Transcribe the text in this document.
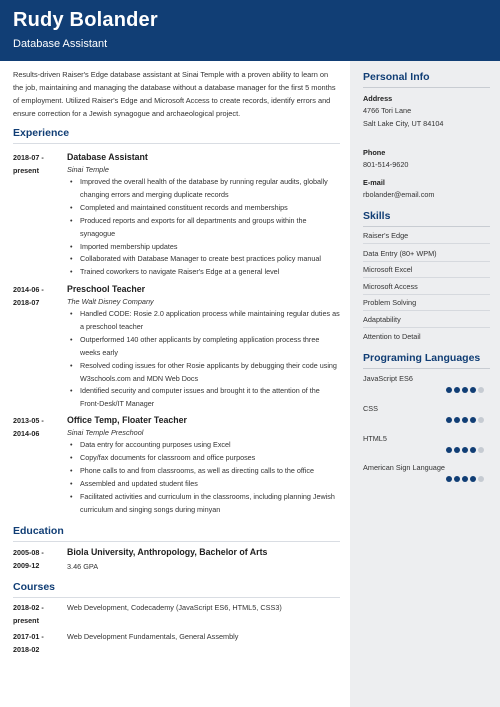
Rudy Bolander
Database Assistant
Results-driven Raiser's Edge database assistant at Sinai Temple with a proven ability to learn on the job, maintaining and managing the database without a database manager for the first 5 months of employment. Utilized Raiser's Edge and Microsoft Access to create records, identify errors and ensure correction for a Jewish synagogue and archaeological project.
Experience
2018-07 -
present
Database Assistant
Sinai Temple
• Improved the overall health of the database by running regular audits, globally changing errors and merging duplicate records
• Completed and maintained constituent records and memberships
• Produced reports and exports for all departments and groups within the synagogue
• Imported membership updates
• Collaborated with Database Manager to create best practices policy manual
• Trained coworkers to navigate Raiser's Edge at a general level
2014-06 -
2018-07
Preschool Teacher
The Walt Disney Company
• Handled CODE: Rosie 2.0 application process while maintaining regular duties as a preschool teacher
• Outperformed 140 other applicants by completing application process three weeks early
• Resolved coding issues for other Rosie applicants by debugging their code using W3schools.com and MDN Web Docs
• Identified security and computer issues and brought it to the attention of the Front-Desk/IT Manager
2013-05 -
2014-06
Office Temp, Floater Teacher
Sinai Temple Preschool
• Data entry for accounting purposes using Excel
• Copy/fax documents for classroom and office purposes
• Phone calls to and from classrooms, as well as directing calls to the office
• Assembled and updated student files
• Facilitated activities and curriculum in the classrooms, including planning Jewish curriculum and singing songs during minyan
Education
2005-08 -
2009-12
Biola University, Anthropology, Bachelor of Arts
3.46 GPA
Courses
2018-02 -
present
Web Development, Codecademy (JavaScript ES6, HTML5, CSS3)
2017-01 -
2018-02
Web Development Fundamentals, General Assembly
Personal Info
Address
4766 Tori Lane
Salt Lake City, UT 84104
Phone
801-514-9620
E-mail
rbolander@email.com
Skills
Raiser's Edge
Data Entry (80+ WPM)
Microsoft Excel
Microsoft Access
Problem Solving
Adaptability
Attention to Detail
Programing Languages
JavaScript ES6
CSS
HTML5
American Sign Language
